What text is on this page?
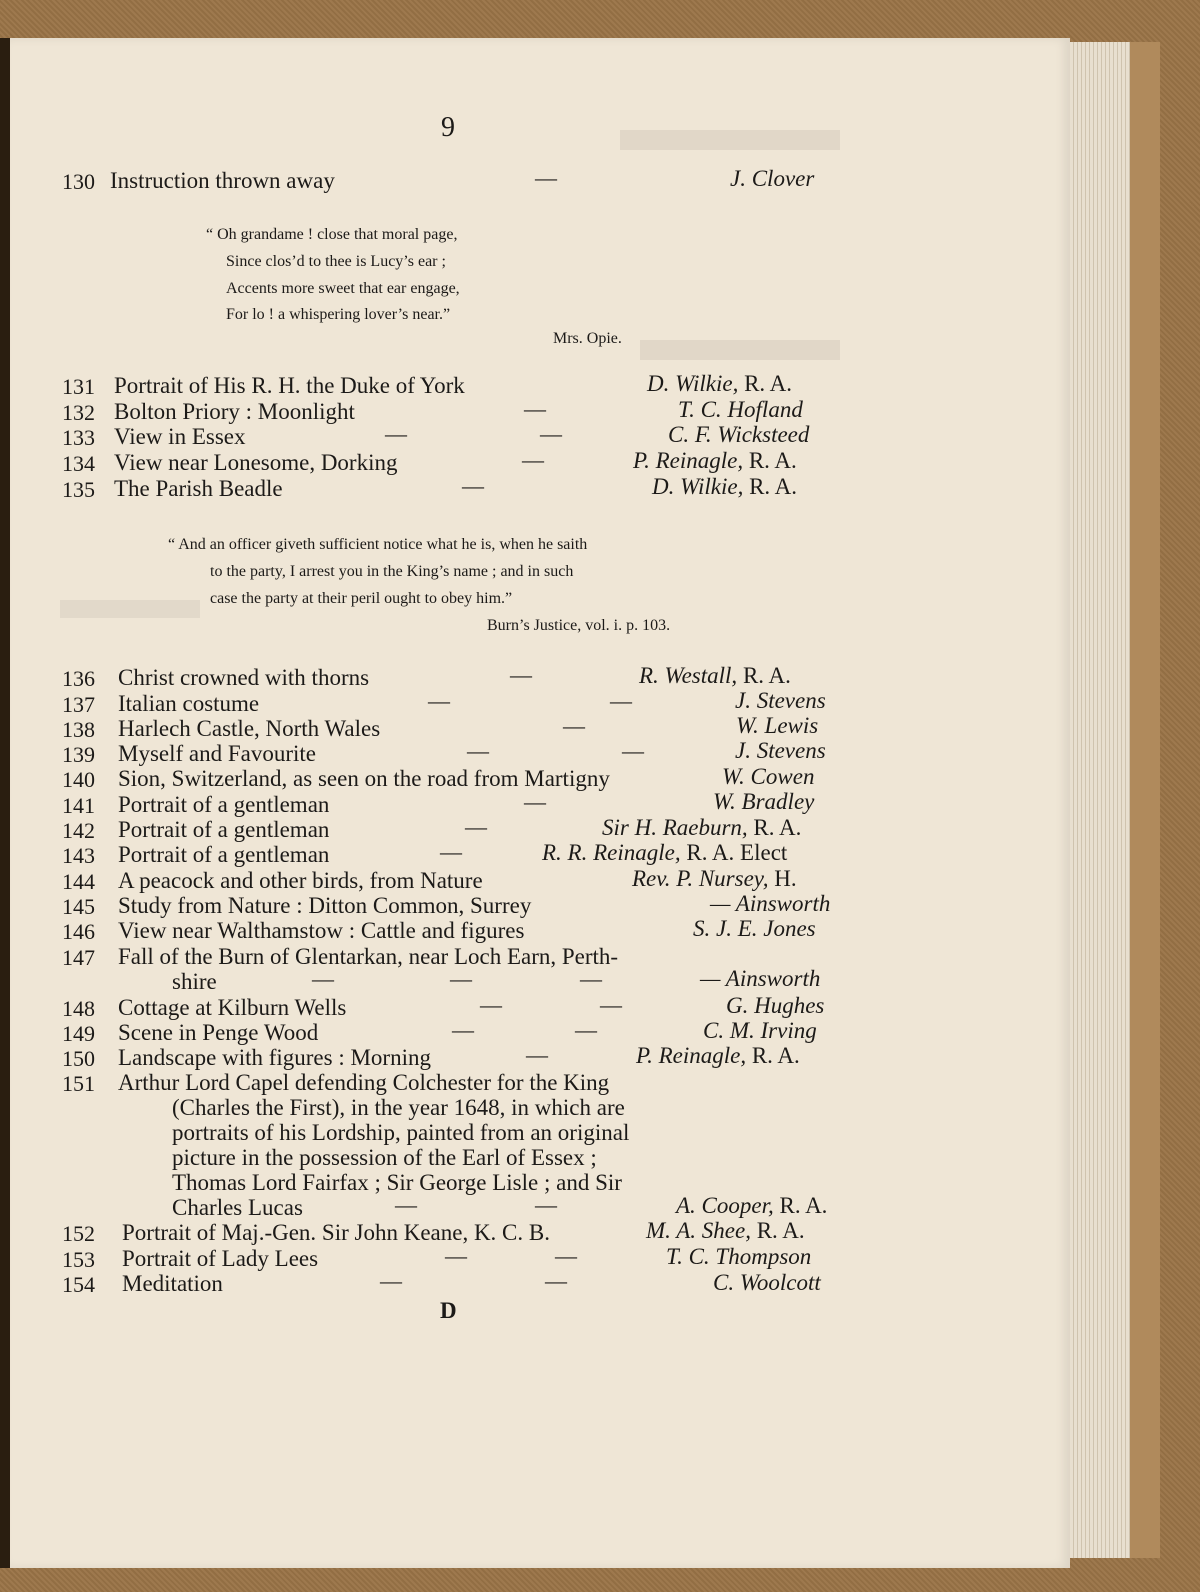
9
130 Instruction thrown away	—	J. Clover
“ Oh grandame ! close that moral page,
Since clos’d to thee is Lucy’s ear ;
Accents more sweet that ear engage,
For lo ! a whispering lover’s near.”
Mrs. Opie.
131 Portrait of His R. H. the Duke of York	D. Wilkie, R. A.
132 Bolton Priory : Moonlight	—	T. C. Hofland
133 View in Essex	—	—	C. F. Wicksteed
134 View near Lonesome, Dorking	—	P. Reinagle, R. A.
135 The Parish Beadle	—	D. Wilkie, R. A.
“ And an officer giveth sufficient notice what he is, when he saith
to the party, I arrest you in the King’s name ; and in such
case the party at their peril ought to obey him.”
Burn’s Justice, vol. i. p. 103.
136 Christ crowned with thorns	—	R. Westall, R. A.
137 Italian costume	—	—	J. Stevens
138 Harlech Castle, North Wales	—	W. Lewis
139 Myself and Favourite	—	—	J. Stevens
140 Sion, Switzerland, as seen on the road from Martigny	W. Cowen
141 Portrait of a gentleman	—	W. Bradley
142 Portrait of a gentleman	—	Sir H. Raeburn, R. A.
143 Portrait of a gentleman	—	R. R. Reinagle, R. A. Elect
144 A peacock and other birds, from Nature	Rev. P. Nursey, H.
145 Study from Nature : Ditton Common, Surrey	— Ainsworth
146 View near Walthamstow : Cattle and figures	S. J. E. Jones
147 Fall of the Burn of Glentarkan, near Loch Earn, Perth-
shire	—	—	—	— Ainsworth
148 Cottage at Kilburn Wells	—	—	G. Hughes
149 Scene in Penge Wood	—	—	C. M. Irving
150 Landscape with figures : Morning	—	P. Reinagle, R. A.
151 Arthur Lord Capel defending Colchester for the King
(Charles the First), in the year 1648, in which are
portraits of his Lordship, painted from an original
picture in the possession of the Earl of Essex ;
Thomas Lord Fairfax ; Sir George Lisle ; and Sir
Charles Lucas	—	—	A. Cooper, R. A.
152 Portrait of Maj.-Gen. Sir John Keane, K. C. B.	M. A. Shee, R. A.
153 Portrait of Lady Lees	—	—	T. C. Thompson
154 Meditation	—	—	C. Woolcott
D
